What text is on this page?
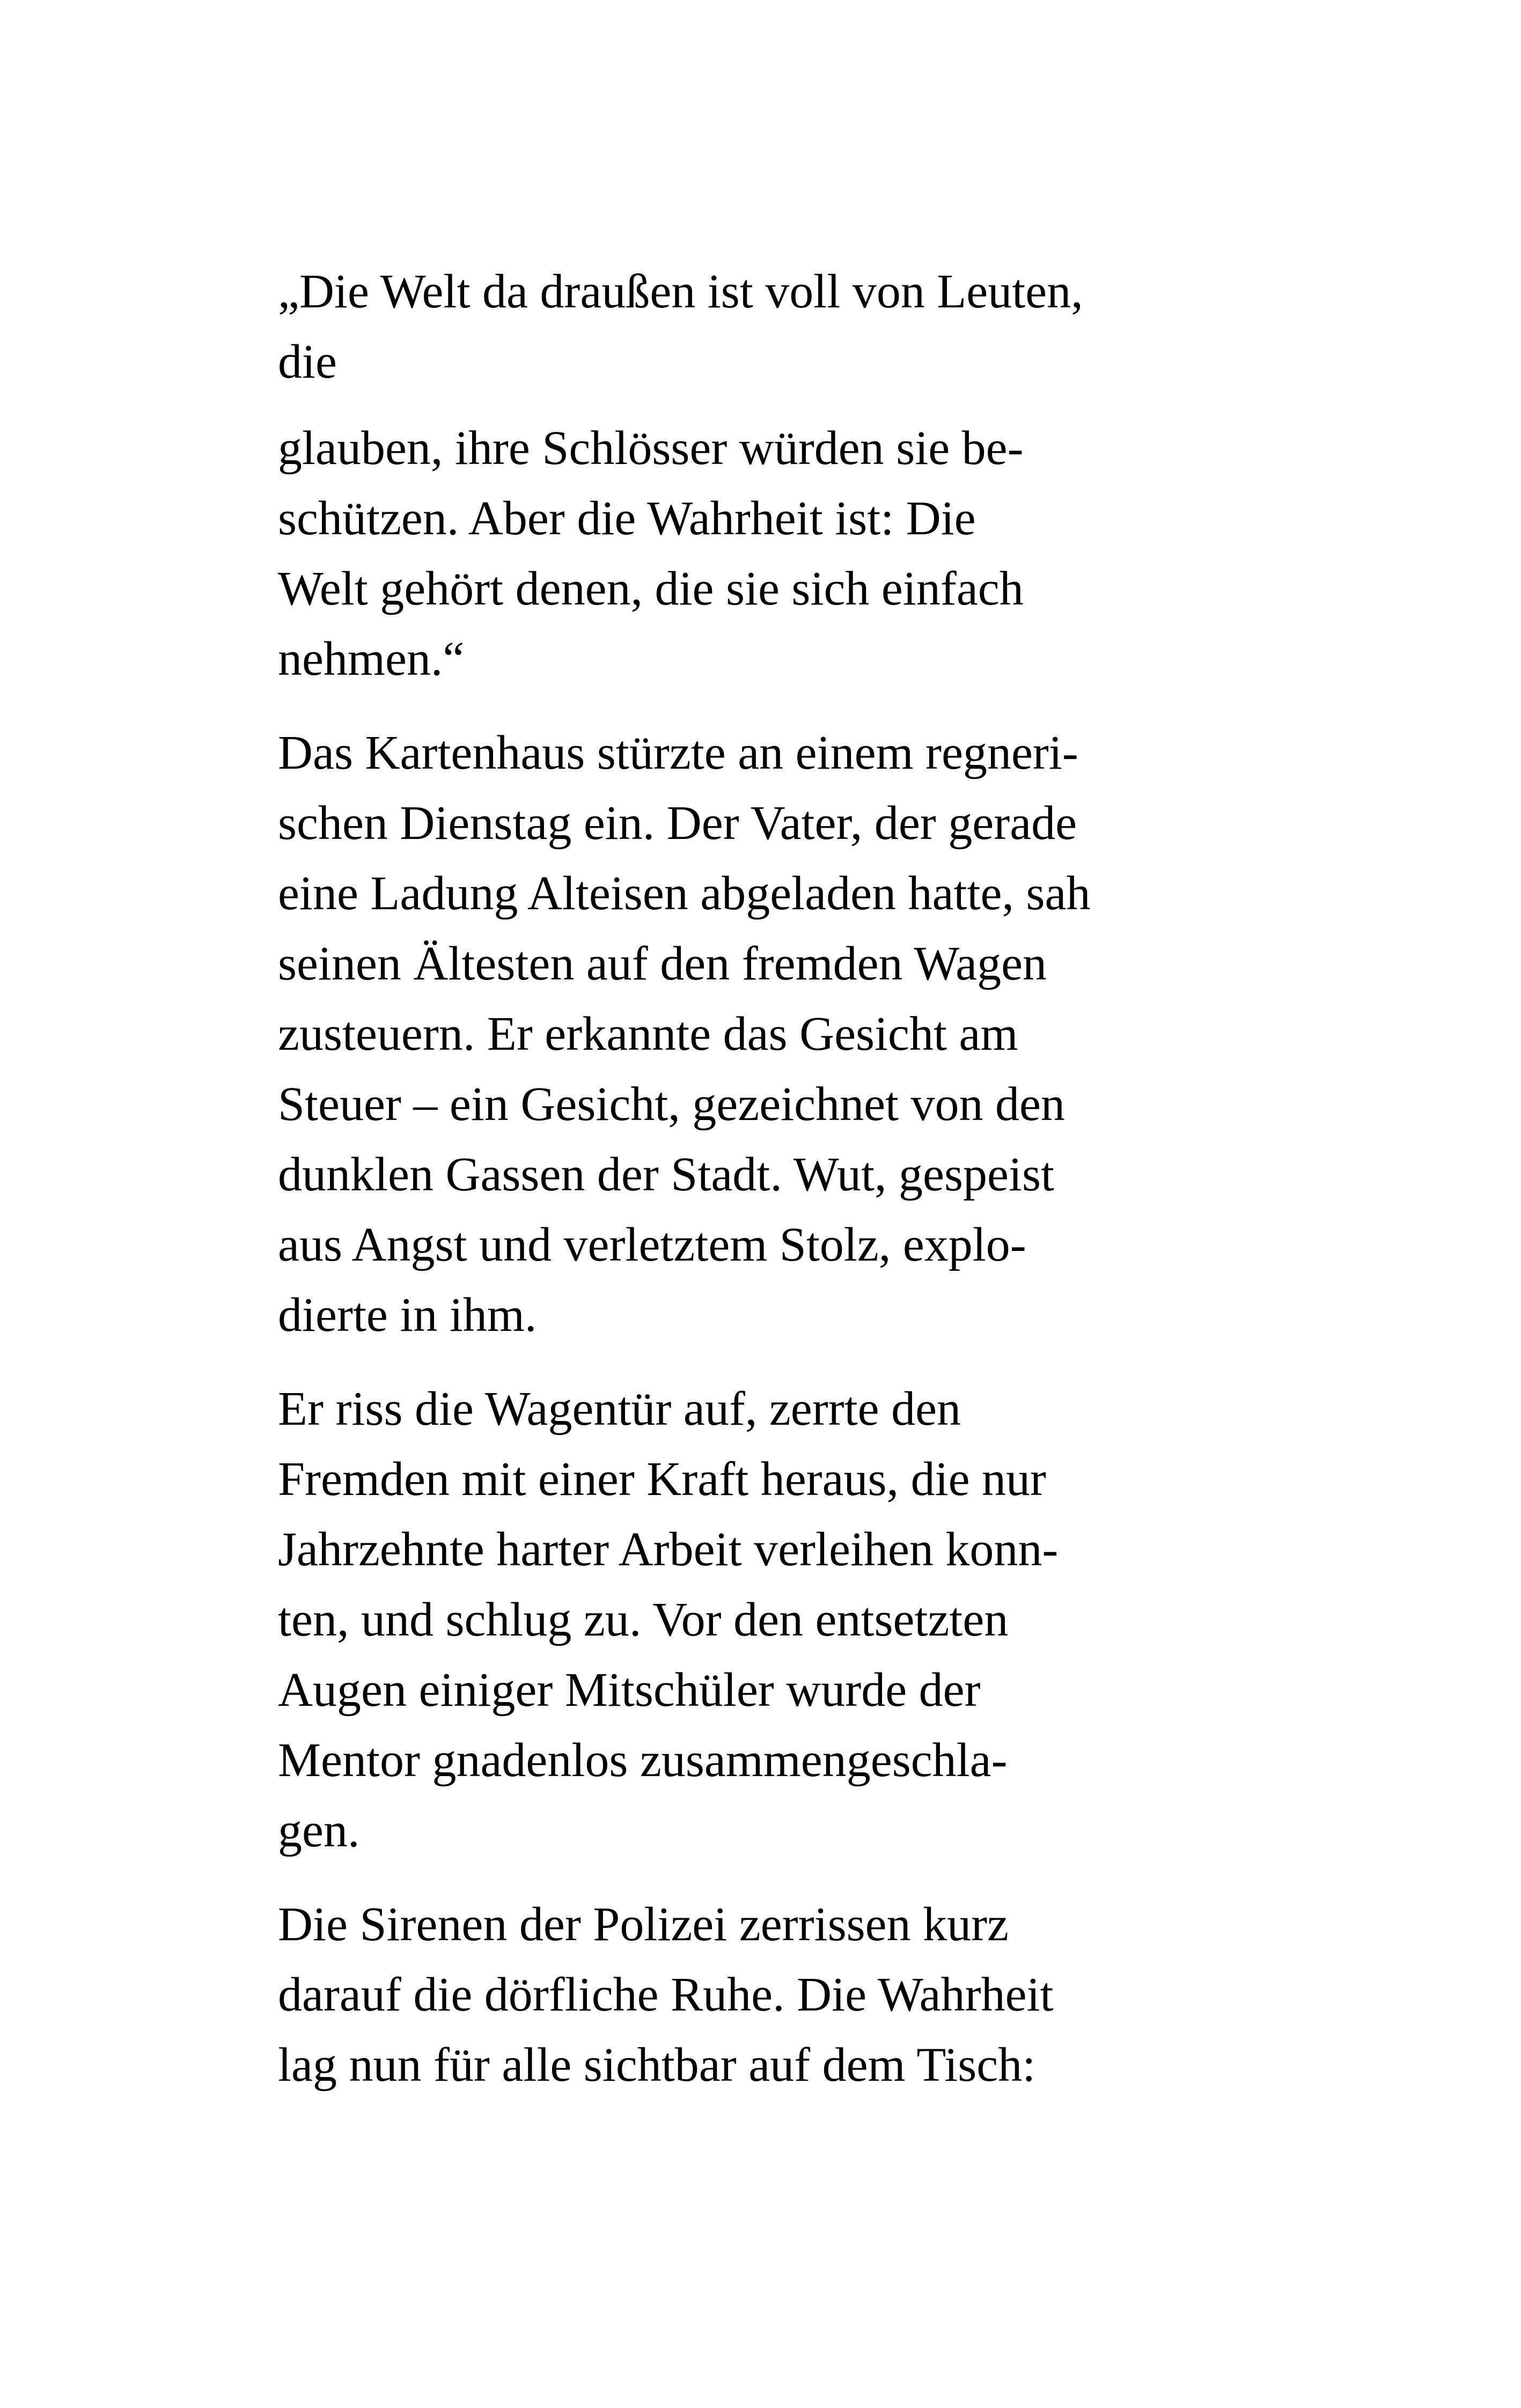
„Die Welt da draußen ist voll von Leuten,
die
glauben, ihre Schlösser würden sie be-
schützen. Aber die Wahrheit ist: Die
Welt gehört denen, die sie sich einfach
nehmen.“
Das Kartenhaus stürzte an einem regneri-
schen Dienstag ein. Der Vater, der gerade
eine Ladung Alteisen abgeladen hatte, sah
seinen Ältesten auf den fremden Wagen
zusteuern. Er erkannte das Gesicht am
Steuer – ein Gesicht, gezeichnet von den
dunklen Gassen der Stadt. Wut, gespeist
aus Angst und verletztem Stolz, explo-
dierte in ihm.
Er riss die Wagentür auf, zerrte den
Fremden mit einer Kraft heraus, die nur
Jahrzehnte harter Arbeit verleihen konn-
ten, und schlug zu. Vor den entsetzten
Augen einiger Mitschüler wurde der
Mentor gnadenlos zusammengeschla-
gen.
Die Sirenen der Polizei zerrissen kurz
darauf die dörfliche Ruhe. Die Wahrheit
lag nun für alle sichtbar auf dem Tisch:
